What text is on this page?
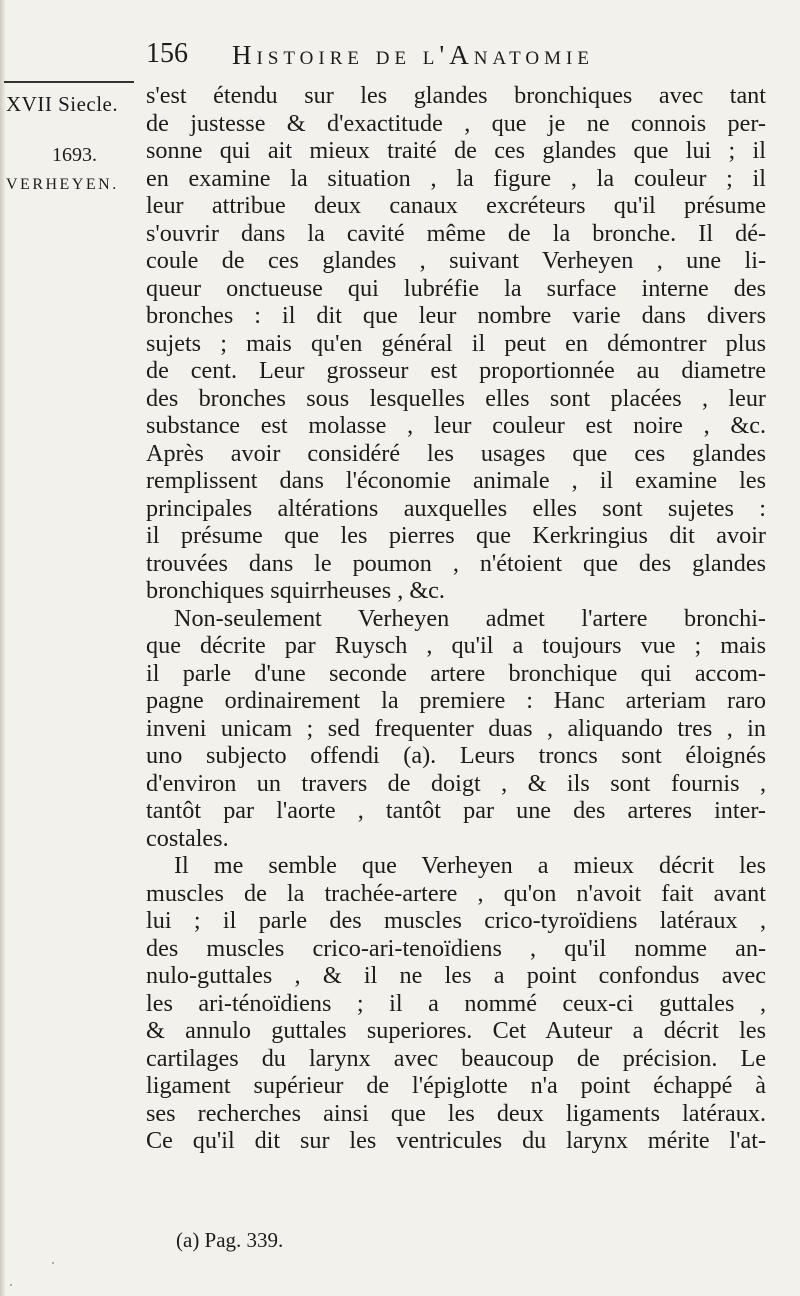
156 Histoire de l'Anatomie
XVII Siecle.
1693.
VERHEYEN.
s'est étendu sur les glandes bronchiques avec tant
de justesse & d'exactitude , que je ne connois per-
sonne qui ait mieux traité de ces glandes que lui ; il
en examine la situation , la figure , la couleur ; il
leur attribue deux canaux excréteurs qu'il présume
s'ouvrir dans la cavité même de la bronche. Il dé-
coule de ces glandes , suivant Verheyen , une li-
queur onctueuse qui lubréfie la surface interne des
bronches : il dit que leur nombre varie dans divers
sujets ; mais qu'en général il peut en démontrer plus
de cent. Leur grosseur est proportionnée au diametre
des bronches sous lesquelles elles sont placées , leur
substance est molasse , leur couleur est noire , &c.
Après avoir considéré les usages que ces glandes
remplissent dans l'économie animale , il examine les
principales altérations auxquelles elles sont sujetes :
il présume que les pierres que Kerkringius dit avoir
trouvées dans le poumon , n'étoient que des glandes
bronchiques squirrheuses , &c.
Non-seulement Verheyen admet l'artere bronchi-
que décrite par Ruysch , qu'il a toujours vue ; mais
il parle d'une seconde artere bronchique qui accom-
pagne ordinairement la premiere : Hanc arteriam raro
inveni unicam ; sed frequenter duas , aliquando tres , in
uno subjecto offendi (a). Leurs troncs sont éloignés
d'environ un travers de doigt , & ils sont fournis ,
tantôt par l'aorte , tantôt par une des arteres inter-
costales.
Il me semble que Verheyen a mieux décrit les
muscles de la trachée-artere , qu'on n'avoit fait avant
lui ; il parle des muscles crico-tyroïdiens latéraux ,
des muscles crico-ari-tenoïdiens , qu'il nomme an-
nulo-guttales , & il ne les a point confondus avec
les ari-ténoïdiens ; il a nommé ceux-ci guttales ,
& annulo guttales superiores. Cet Auteur a décrit les
cartilages du larynx avec beaucoup de précision. Le
ligament supérieur de l'épiglotte n'a point échappé à
ses recherches ainsi que les deux ligaments latéraux.
Ce qu'il dit sur les ventricules du larynx mérite l'at-
(a) Pag. 339.
